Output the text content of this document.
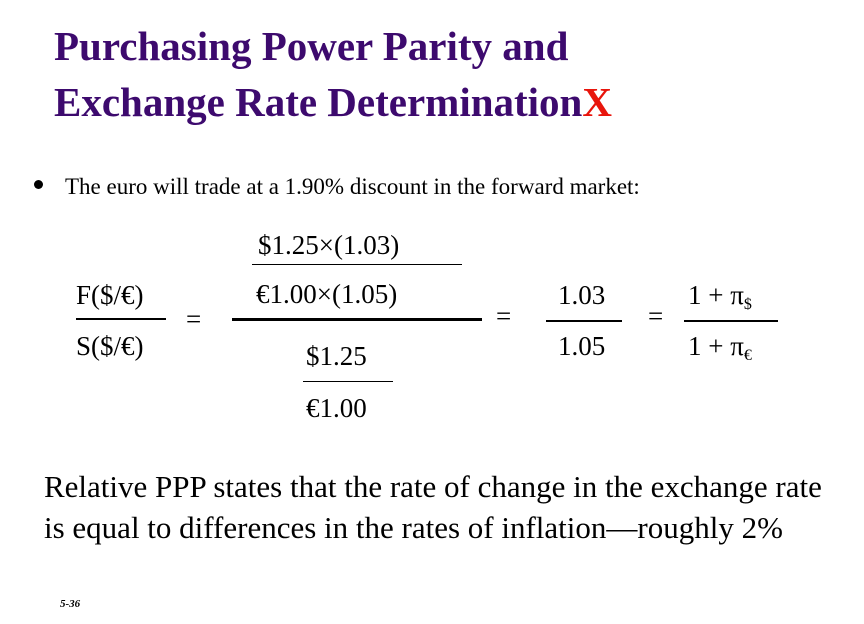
Purchasing Power Parity and
Exchange Rate DeterminationX
The euro will trade at a 1.90% discount in the forward market:
F($/€)
S($/€)
=
$1.25×(1.03)
€1.00×(1.05)
$1.25
€1.00
=
1.03
1.05
=
$1 + \pi_{\$}$
$1 + \pi_€$
Relative PPP states that the rate of change in the exchange rate is equal to differences in the rates of inflation—roughly 2%
5-36
